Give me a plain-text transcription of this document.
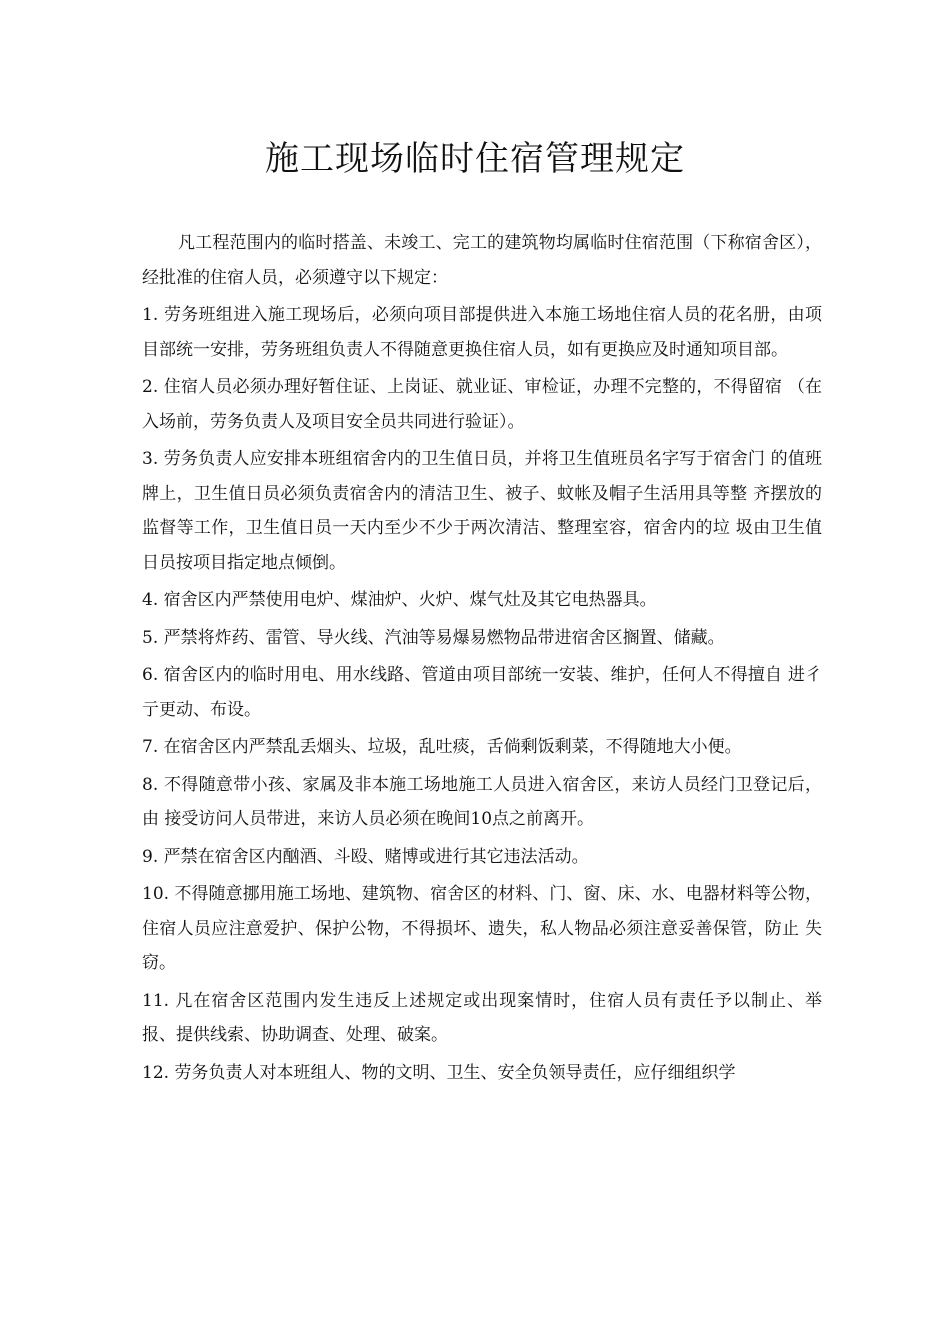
施工现场临时住宿管理规定

凡工程范围内的临时搭盖、未竣工、完工的建筑物均属临时住宿范围（下称宿舍区）， 经批准的住宿人员，必须遵守以下规定：

1. 劳务班组进入施工现场后，必须向项目部提供进入本施工场地住宿人员的花名册，由项 目部统一安排，劳务班组负责人不得随意更换住宿人员，如有更换应及时通知项目部。

2. 住宿人员必须办理好暂住证、上岗证、就业证、审检证，办理不完整的，不得留宿 （在入场前，劳务负责人及项目安全员共同进行验证）。

3. 劳务负责人应安排本班组宿舍内的卫生值日员，并将卫生值班员名字写于宿舍门 的值班牌上，卫生值日员必须负责宿舍内的清洁卫生、被子、蚊帐及帽子生活用具等整 齐摆放的监督等工作，卫生值日员一天内至少不少于两次清洁、整理室容，宿舍内的垃 圾由卫生值日员按项目指定地点倾倒。

4. 宿舍区内严禁使用电炉、煤油炉、火炉、煤气灶及其它电热器具。

5. 严禁将炸药、雷管、导火线、汽油等易爆易燃物品带进宿舍区搁置、储藏。

6. 宿舍区内的临时用电、用水线路、管道由项目部统一安装、维护，任何人不得擅自 进彳亍更动、布设。

7. 在宿舍区内严禁乱丢烟头、垃圾，乱吐痰，舌倘剩饭剩菜，不得随地大小便。

8. 不得随意带小孩、家属及非本施工场地施工人员进入宿舍区，来访人员经门卫登记后，由 接受访问人员带进，来访人员必须在晚间10点之前离开。

9. 严禁在宿舍区内酗酒、斗殴、赌博或进行其它违法活动。

10. 不得随意挪用施工场地、建筑物、宿舍区的材料、门、窗、床、水、电器材料等公物， 住宿人员应注意爱护、保护公物，不得损坏、遗失，私人物品必须注意妥善保管，防止 失窃。

11. 凡在宿舍区范围内发生违反上述规定或出现案情时，住宿人员有责任予以制止、举 报、提供线索、协助调查、处理、破案。

12. 劳务负责人对本班组人、物的文明、卫生、安全负领导责任，应仔细组织学
